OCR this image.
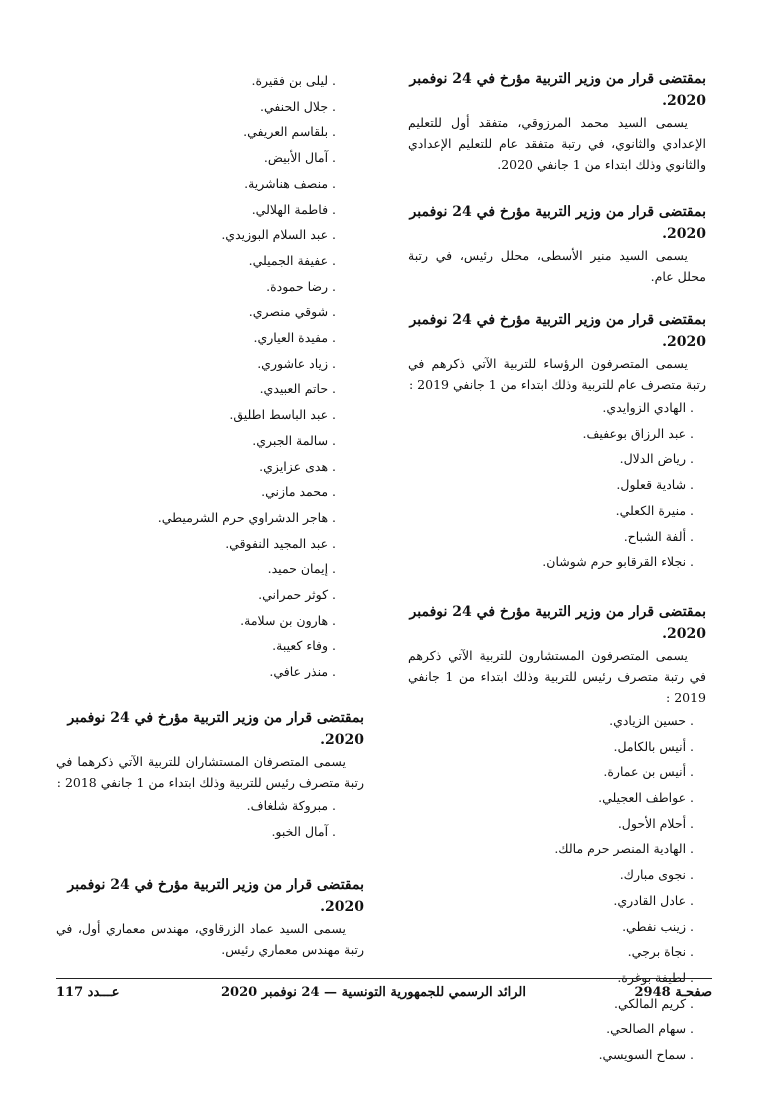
بمقتضى قرار من وزير التربية مؤرخ في 24 نوفمبر 2020.

يسمى السيد محمد المرزوقي، متفقد أول للتعليم الإعدادي والثانوي، في رتبة متفقد عام للتعليم الإعدادي والثانوي وذلك ابتداء من 1 جانفي 2020.

بمقتضى قرار من وزير التربية مؤرخ في 24 نوفمبر 2020.

يسمى السيد منير الأسطى، محلل رئيس، في رتبة محلل عام.

بمقتضى قرار من وزير التربية مؤرخ في 24 نوفمبر 2020.

يسمى المتصرفون الرؤساء للتربية الآتي ذكرهم في رتبة متصرف عام للتربية وذلك ابتداء من 1 جانفي 2019 :

. الهادي الزوايدي.
. عبد الرزاق بوعفيف.
. رياض الدلال.
. شادية قعلول.
. منيرة الكعلي.
. ألفة الشباح.
. نجلاء القرقابو حرم شوشان.

بمقتضى قرار من وزير التربية مؤرخ في 24 نوفمبر 2020.

يسمى المتصرفون المستشارون للتربية الآتي ذكرهم في رتبة متصرف رئيس للتربية وذلك ابتداء من 1 جانفي 2019 :

. حسين الزيادي.
. أنيس بالكامل.
. أنيس بن عمارة.
. عواطف العجيلي.
. أحلام الأحول.
. الهادية المنصر حرم مالك.
. نجوى مبارك.
. عادل القادري.
. زينب نفطي.
. نجاة برجي.
. لطيفة بوغرة.
. كريم المالكي.
. سهام الصالحي.
. سماح السويسي.
. ليلى بن فقيرة.
. جلال الحنفي.
. بلقاسم العريفي.
. آمال الأبيض.
. منصف هناشرية.
. فاطمة الهلالي.
. عبد السلام البوزيدي.
. عفيفة الجميلي.
. رضا حمودة.
. شوقي منصري.
. مفيدة العياري.
. زياد عاشوري.
. حاتم العبيدي.
. عبد الباسط اطليق.
. سالمة الجبري.
. هدى عزايزي.
. محمد مازني.
. هاجر الدشراوي حرم الشرميطي.
. عبد المجيد النفوقي.
. إيمان حميد.
. كوثر حمراني.
. هارون بن سلامة.
. وفاء كعيبة.
. منذر عافي.

بمقتضى قرار من وزير التربية مؤرخ في 24 نوفمبر 2020.

يسمى المتصرفان المستشاران للتربية الآتي ذكرهما في رتبة متصرف رئيس للتربية وذلك ابتداء من 1 جانفي 2018 :

. مبروكة شلغاف.
. آمال الخبو.

بمقتضى قرار من وزير التربية مؤرخ في 24 نوفمبر 2020.

يسمى السيد عماد الزرقاوي، مهندس معماري أول، في رتبة مهندس معماري رئيس.

صفحـة 2948
الرائد الرسمي للجمهورية التونسية — 24 نوفمبر 2020
عـــدد 117
